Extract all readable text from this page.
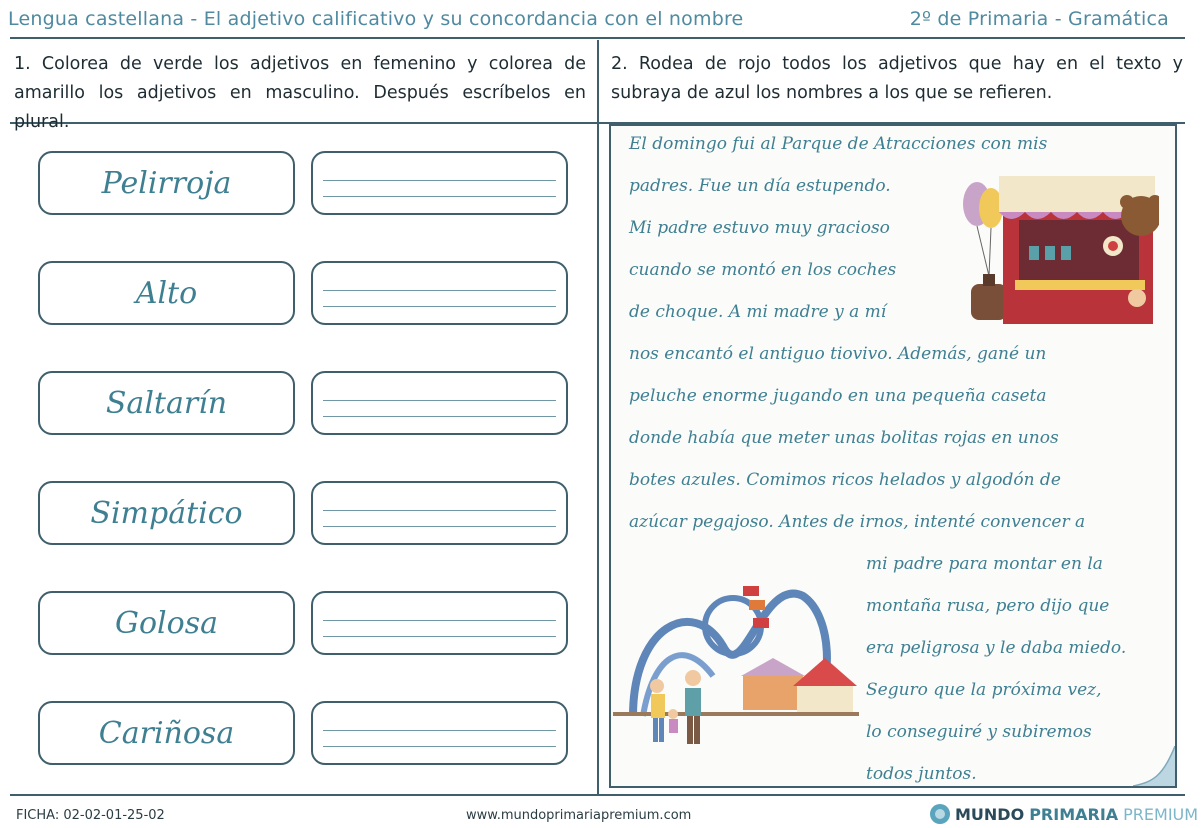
Lengua castellana - El adjetivo calificativo y su concordancia con el nombre	2º de Primaria - Gramática
1. Colorea de verde los adjetivos en femenino y colorea de amarillo los adjetivos en masculino. Después escríbelos en plural.
2. Rodea de rojo todos los adjetivos que hay en el texto y subraya de azul los nombres a los que se refieren.
Pelirroja
Alto
Saltarín
Simpático
Golosa
Cariñosa
El domingo fui al Parque de Atracciones con mis
padres. Fue un día estupendo.
Mi padre estuvo muy gracioso
cuando se montó en los coches
de choque. A mi madre y a mí
nos encantó el antiguo tiovivo. Además, gané un
peluche enorme jugando en una pequeña caseta
donde había que meter unas bolitas rojas en unos
botes azules. Comimos ricos helados y algodón de
azúcar pegajoso. Antes de irnos, intenté convencer a
mi padre para montar en la
montaña rusa, pero dijo que
era peligrosa y le daba miedo.
Seguro que la próxima vez,
lo conseguiré y subiremos
todos juntos.
FICHA: 02-02-01-25-02	www.mundoprimariapremium.com	MUNDO PRIMARIA PREMIUM
